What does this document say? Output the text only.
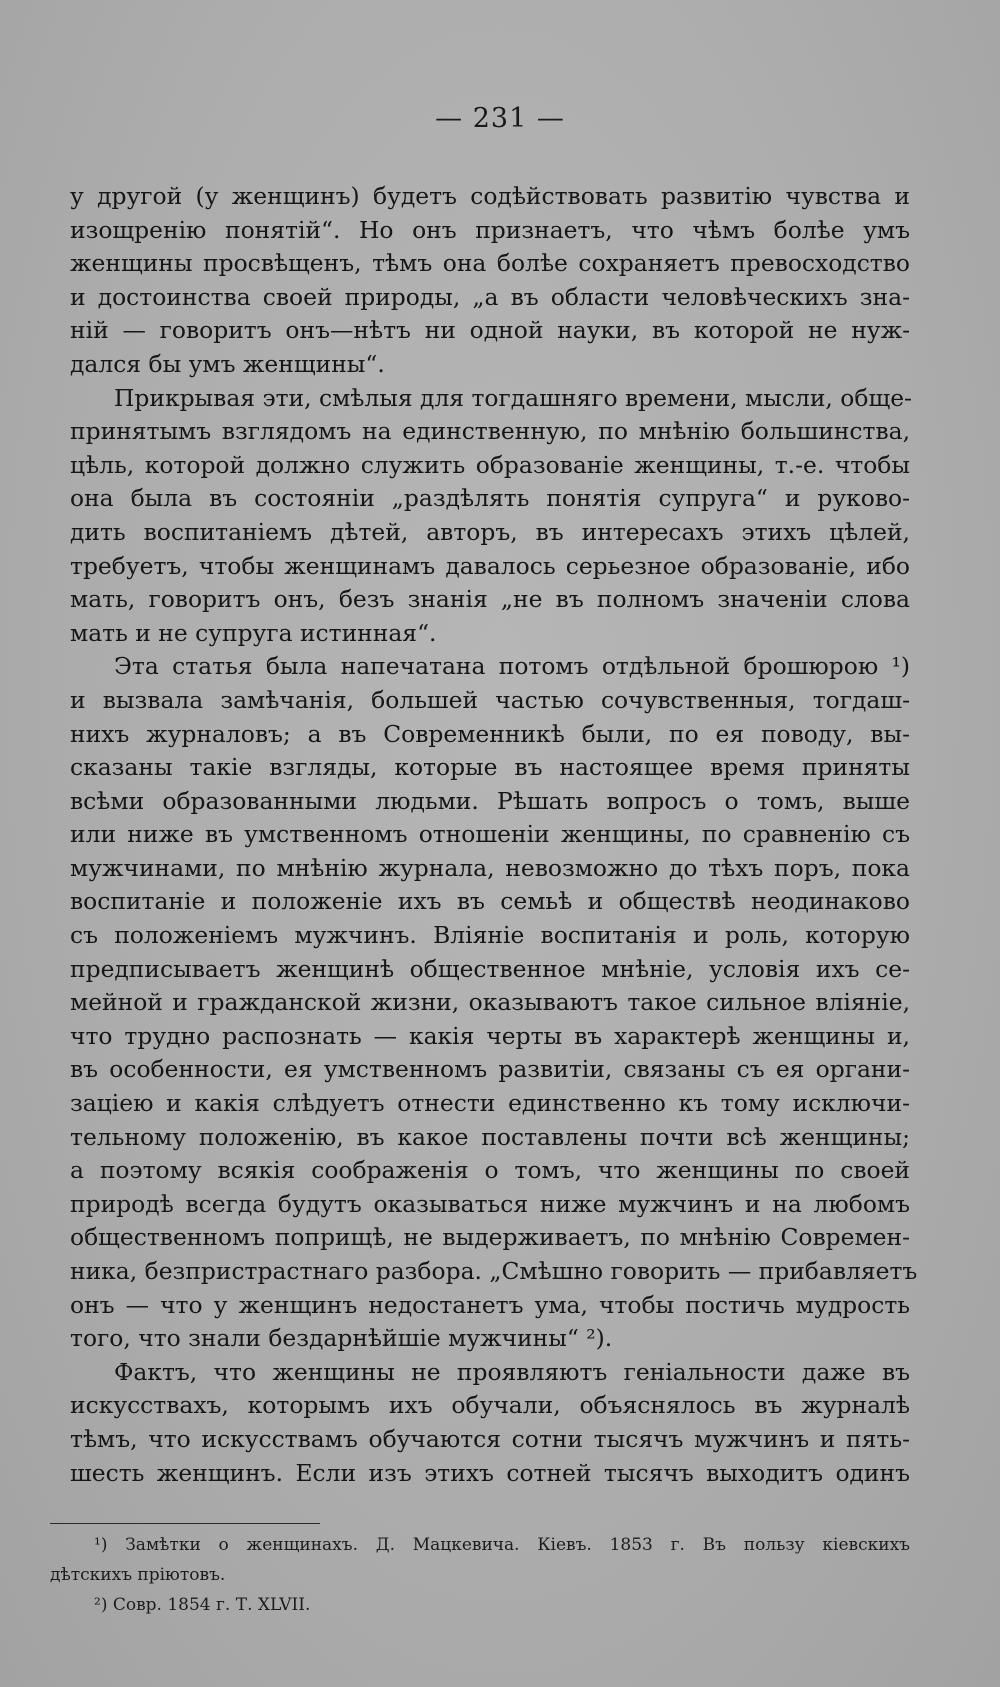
— 231 —
у другой (у женщинъ) будетъ содѣйствовать развитію чувства и
изощренію понятій“. Но онъ признаетъ, что чѣмъ болѣе умъ
женщины просвѣщенъ, тѣмъ она болѣе сохраняетъ превосходство
и достоинства своей природы, „а въ области человѣческихъ зна-
ній — говоритъ онъ—нѣтъ ни одной науки, въ которой не нуж-
дался бы умъ женщины“.
Прикрывая эти, смѣлыя для тогдашняго времени, мысли, обще-
принятымъ взглядомъ на единственную, по мнѣнію большинства,
цѣль, которой должно служить образованіе женщины, т.-е. чтобы
она была въ состояніи „раздѣлять понятія супруга“ и руково-
дить воспитаніемъ дѣтей, авторъ, въ интересахъ этихъ цѣлей,
требуетъ, чтобы женщинамъ давалось серьезное образованіе, ибо
мать, говоритъ онъ, безъ знанія „не въ полномъ значеніи слова
мать и не супруга истинная“.
Эта статья была напечатана потомъ отдѣльной брошюрою ¹)
и вызвала замѣчанія, большей частью сочувственныя, тогдаш-
нихъ журналовъ; а въ Современникѣ были, по ея поводу, вы-
сказаны такіе взгляды, которые въ настоящее время приняты
всѣми образованными людьми. Рѣшать вопросъ о томъ, выше
или ниже въ умственномъ отношеніи женщины, по сравненію съ
мужчинами, по мнѣнію журнала, невозможно до тѣхъ поръ, пока
воспитаніе и положеніе ихъ въ семьѣ и обществѣ неодинаково
съ положеніемъ мужчинъ. Вліяніе воспитанія и роль, которую
предписываетъ женщинѣ общественное мнѣніе, условія ихъ се-
мейной и гражданской жизни, оказываютъ такое сильное вліяніе,
что трудно распознать — какія черты въ характерѣ женщины и,
въ особенности, ея умственномъ развитіи, связаны съ ея органи-
заціею и какія слѣдуетъ отнести единственно къ тому исключи-
тельному положенію, въ какое поставлены почти всѣ женщины;
а поэтому всякія соображенія о томъ, что женщины по своей
природѣ всегда будутъ оказываться ниже мужчинъ и на любомъ
общественномъ поприщѣ, не выдерживаетъ, по мнѣнію Современ-
ника, безпристрастнаго разбора. „Смѣшно говорить — прибавляетъ
онъ — что у женщинъ недостанетъ ума, чтобы постичь мудрость
того, что знали бездарнѣйшіе мужчины“ ²).
Фактъ, что женщины не проявляютъ геніальности даже въ
искусствахъ, которымъ ихъ обучали, объяснялось въ журналѣ
тѣмъ, что искусствамъ обучаются сотни тысячъ мужчинъ и пять-
шесть женщинъ. Если изъ этихъ сотней тысячъ выходитъ одинъ
¹) Замѣтки о женщинахъ. Д. Мацкевича. Кіевъ. 1853 г. Въ пользу кіевскихъ
дѣтскихъ пріютовъ.
²) Совр. 1854 г. Т. XLVII.
